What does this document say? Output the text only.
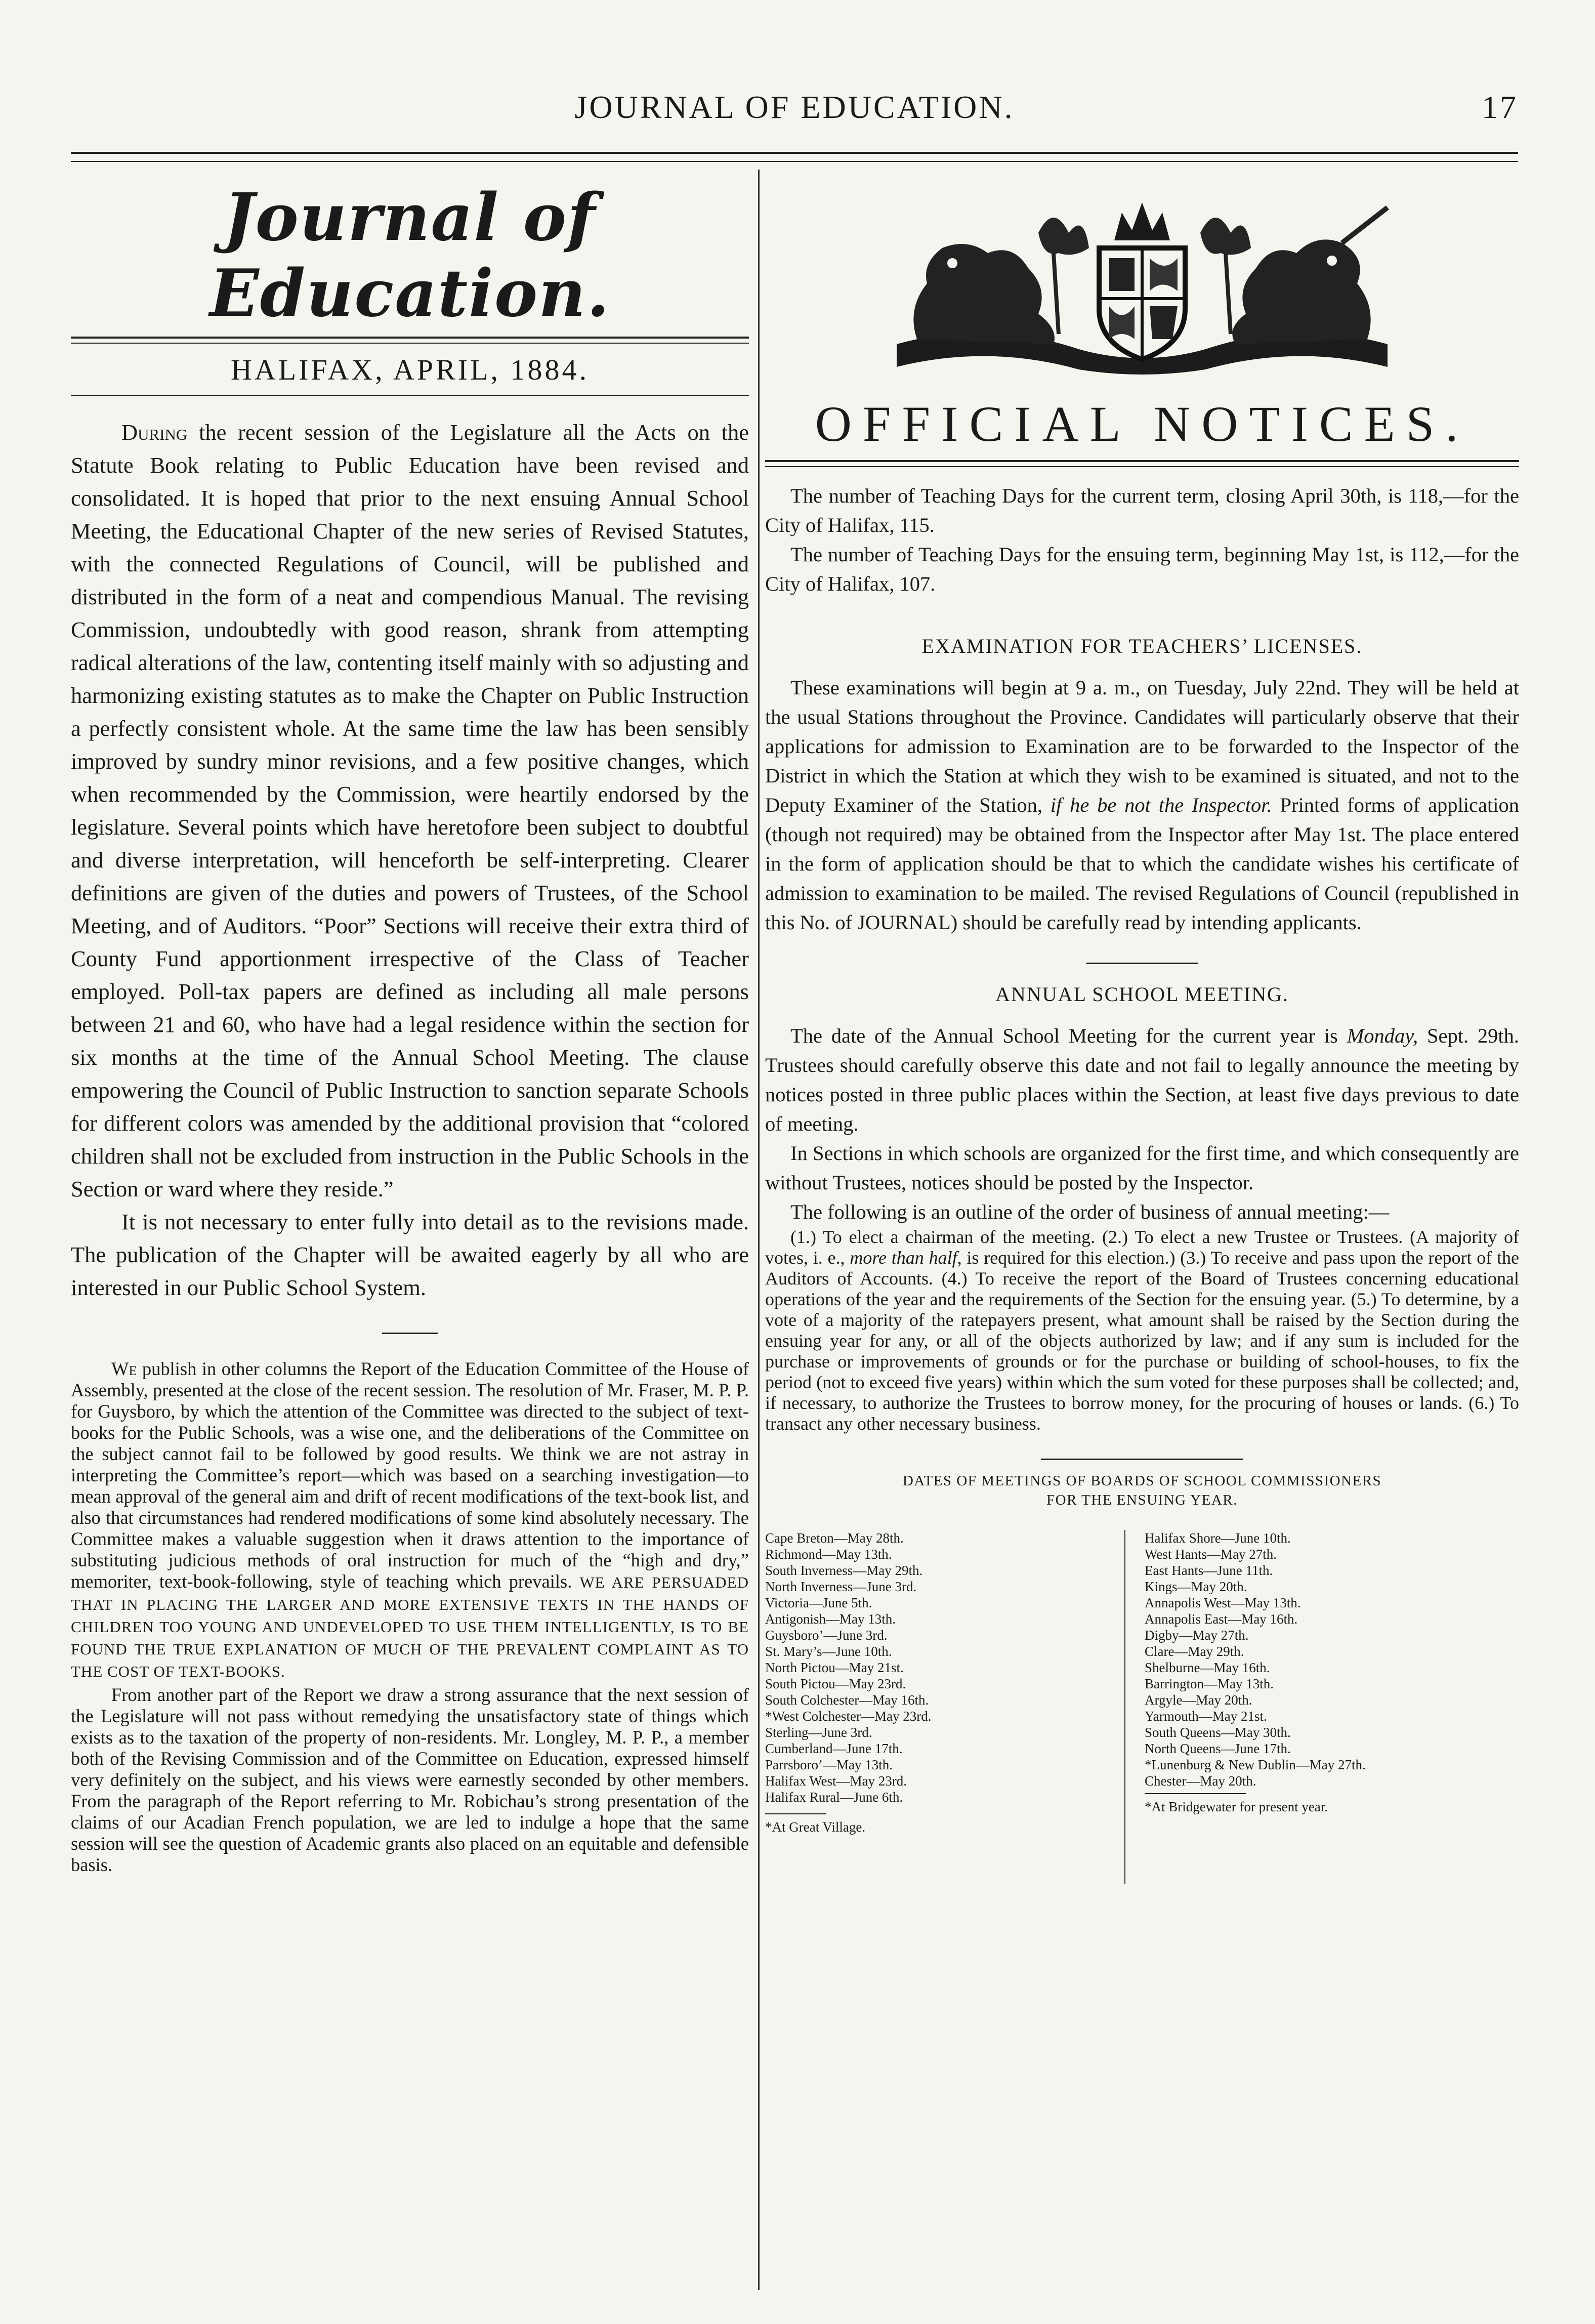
JOURNAL OF EDUCATION.	17
Journal of Education.
HALIFAX, APRIL, 1884.

During the recent session of the Legislature all the Acts on the Statute Book relating to Public Education have been revised and consolidated. It is hoped that prior to the next ensuing Annual School Meeting, the Educational Chapter of the new series of Revised Statutes, with the connected Regulations of Council, will be published and distributed in the form of a neat and compendious Manual. The revising Commission, undoubtedly with good reason, shrank from attempting radical alterations of the law, contenting itself mainly with so adjusting and harmonizing existing statutes as to make the Chapter on Public Instruction a perfectly consistent whole. At the same time the law has been sensibly improved by sundry minor revisions, and a few positive changes, which when recommended by the Commission, were heartily endorsed by the legislature. Several points which have heretofore been subject to doubtful and diverse interpretation, will henceforth be self-interpreting. Clearer definitions are given of the duties and powers of Trustees, of the School Meeting, and of Auditors. “Poor” Sections will receive their extra third of County Fund apportionment irrespective of the Class of Teacher employed. Poll-tax papers are defined as including all male persons between 21 and 60, who have had a legal residence within the section for six months at the time of the Annual School Meeting. The clause empowering the Council of Public Instruction to sanction separate Schools for different colors was amended by the additional provision that “colored children shall not be excluded from instruction in the Public Schools in the Section or ward where they reside.”

It is not necessary to enter fully into detail as to the revisions made. The publication of the Chapter will be awaited eagerly by all who are interested in our Public School System.

We publish in other columns the Report of the Education Committee of the House of Assembly, presented at the close of the recent session. The resolution of Mr. Fraser, M. P. P. for Guysboro, by which the attention of the Committee was directed to the subject of text-books for the Public Schools, was a wise one, and the deliberations of the Committee on the subject cannot fail to be followed by good results. We think we are not astray in interpreting the Committee’s report—which was based on a searching investigation—to mean approval of the general aim and drift of recent modifications of the text-book list, and also that circumstances had rendered modifications of some kind absolutely necessary. The Committee makes a valuable suggestion when it draws attention to the importance of substituting judicious methods of oral instruction for much of the “high and dry,” memoriter, text-book-following, style of teaching which prevails. WE ARE PERSUADED THAT IN PLACING THE LARGER AND MORE EXTENSIVE TEXTS IN THE HANDS OF CHILDREN TOO YOUNG AND UNDEVELOPED TO USE THEM INTELLIGENTLY, IS TO BE FOUND THE TRUE EXPLANATION OF MUCH OF THE PREVALENT COMPLAINT AS TO THE COST OF TEXT-BOOKS.

From another part of the Report we draw a strong assurance that the next session of the Legislature will not pass without remedying the unsatisfactory state of things which exists as to the taxation of the property of non-residents. Mr. Longley, M. P. P., a member both of the Revising Commission and of the Committee on Education, expressed himself very definitely on the subject, and his views were earnestly seconded by other members. From the paragraph of the Report referring to Mr. Robichau’s strong presentation of the claims of our Acadian French population, we are led to indulge a hope that the same session will see the question of Academic grants also placed on an equitable and defensible basis.

OFFICIAL NOTICES.

The number of Teaching Days for the current term, closing April 30th, is 118,—for the City of Halifax, 115.

The number of Teaching Days for the ensuing term, beginning May 1st, is 112,—for the City of Halifax, 107.

EXAMINATION FOR TEACHERS’ LICENSES.

These examinations will begin at 9 a. m., on Tuesday, July 22nd. They will be held at the usual Stations throughout the Province. Candidates will particularly observe that their applications for admission to Examination are to be forwarded to the Inspector of the District in which the Station at which they wish to be examined is situated, and not to the Deputy Examiner of the Station, if he be not the Inspector. Printed forms of application (though not required) may be obtained from the Inspector after May 1st. The place entered in the form of application should be that to which the candidate wishes his certificate of admission to examination to be mailed. The revised Regulations of Council (republished in this No. of JOURNAL) should be carefully read by intending applicants.

ANNUAL SCHOOL MEETING.

The date of the Annual School Meeting for the current year is Monday, Sept. 29th. Trustees should carefully observe this date and not fail to legally announce the meeting by notices posted in three public places within the Section, at least five days previous to date of meeting.

In Sections in which schools are organized for the first time, and which consequently are without Trustees, notices should be posted by the Inspector.

The following is an outline of the order of business of annual meeting:—

(1.) To elect a chairman of the meeting. (2.) To elect a new Trustee or Trustees. (A majority of votes, i. e., more than half, is required for this election.) (3.) To receive and pass upon the report of the Auditors of Accounts. (4.) To receive the report of the Board of Trustees concerning educational operations of the year and the requirements of the Section for the ensuing year. (5.) To determine, by a vote of a majority of the ratepayers present, what amount shall be raised by the Section during the ensuing year for any, or all of the objects authorized by law; and if any sum is included for the purchase or improvements of grounds or for the purchase or building of school-houses, to fix the period (not to exceed five years) within which the sum voted for these purposes shall be collected; and, if necessary, to authorize the Trustees to borrow money, for the procuring of houses or lands. (6.) To transact any other necessary business.

DATES OF MEETINGS OF BOARDS OF SCHOOL COMMISSIONERS
FOR THE ENSUING YEAR.
Cape Breton—May 28th.
Richmond—May 13th.
South Inverness—May 29th.
North Inverness—June 3rd.
Victoria—June 5th.
Antigonish—May 13th.
Guysboro’—June 3rd.
St. Mary’s—June 10th.
North Pictou—May 21st.
South Pictou—May 23rd.
South Colchester—May 16th.
*West Colchester—May 23rd.
Sterling—June 3rd.
Cumberland—June 17th.
Parrsboro’—May 13th.
Halifax West—May 23rd.
Halifax Rural—June 6th.
Halifax Shore—June 10th.
West Hants—May 27th.
East Hants—June 11th.
Kings—May 20th.
Annapolis West—May 13th.
Annapolis East—May 16th.
Digby—May 27th.
Clare—May 29th.
Shelburne—May 16th.
Barrington—May 13th.
Argyle—May 20th.
Yarmouth—May 21st.
South Queens—May 30th.
North Queens—June 17th.
*Lunenburg & New Dublin—May 27th.
Chester—May 20th.
*At Great Village.
*At Bridgewater for present year.
